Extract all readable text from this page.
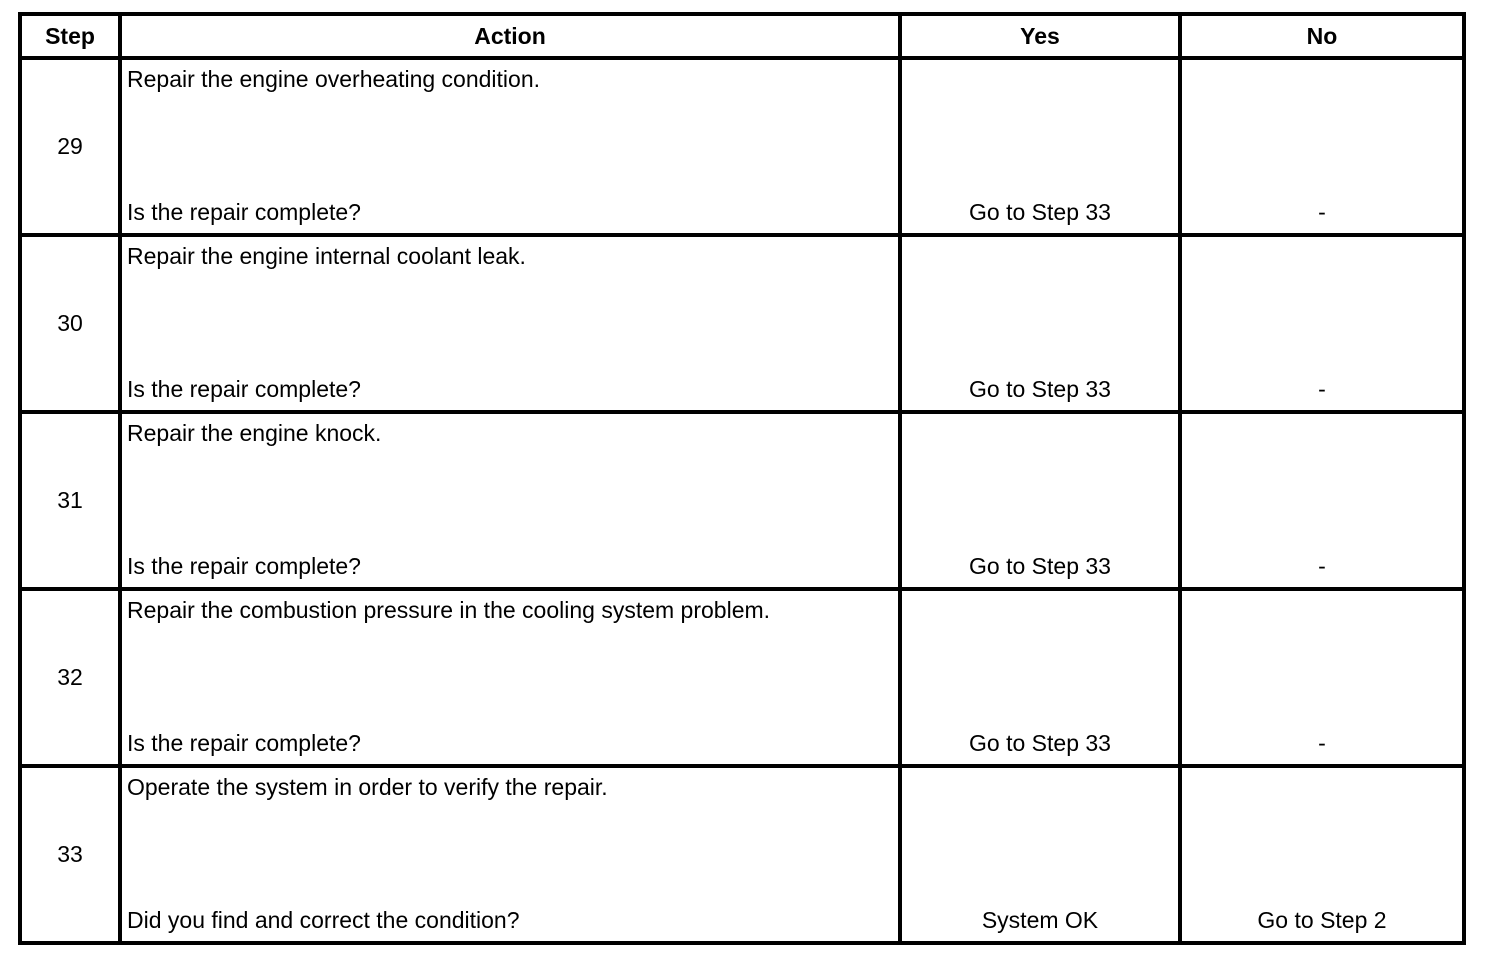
Step	Action	Yes	No
29	Repair the engine overheating condition.
Is the repair complete?	Go to Step 33	-

30	Repair the engine internal coolant leak.
Is the repair complete?	Go to Step 33	-

31	Repair the engine knock.
Is the repair complete?	Go to Step 33	-

32	Repair the combustion pressure in the cooling system problem.
Is the repair complete?	Go to Step 33	-

33	Operate the system in order to verify the repair.
Did you find and correct the condition?	System OK	Go to Step 2
